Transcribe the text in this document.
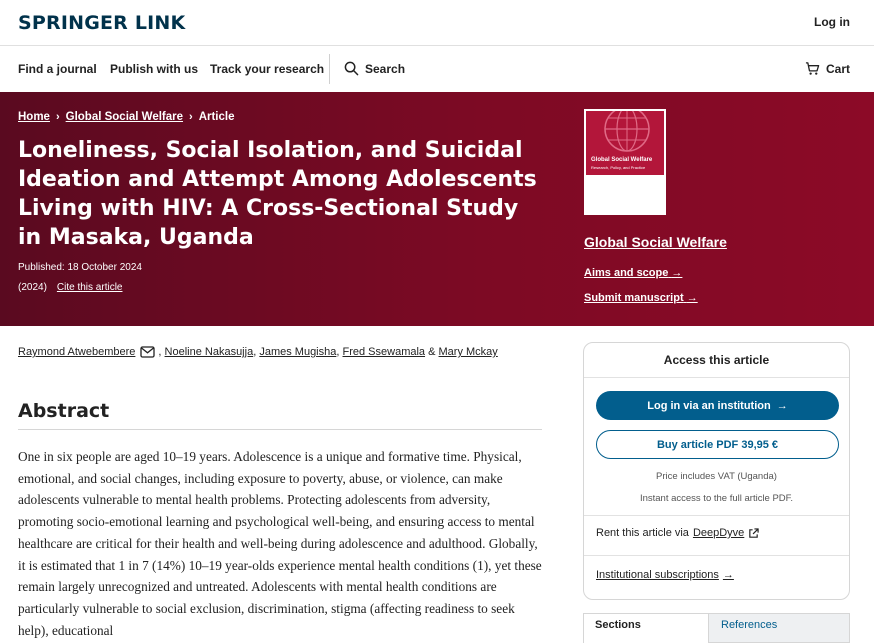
SPRINGER LINK	Log in
Find a journal Publish with us Track your research	Search	Cart
Home › Global Social Welfare › Article
Loneliness, Social Isolation, and Suicidal Ideation and Attempt Among Adolescents Living with HIV: A Cross-Sectional Study in Masaka, Uganda
Published: 18 October 2024
(2024) Cite this article
Global Social Welfare
Research, Policy, and Practice
Global Social Welfare
Aims and scope →
Submit manuscript →
Raymond Atwebembere , Noeline Nakasujja , James Mugisha , Fred Ssewamala & Mary Mckay
Abstract

One in six people are aged 10–19 years. Adolescence is a unique and formative time. Physical, emotional, and social changes, including exposure to poverty, abuse, or violence, can make adolescents vulnerable to mental health problems. Protecting adolescents from adversity, promoting socio-emotional learning and psychological well-being, and ensuring access to mental healthcare are critical for their health and well-being during adolescence and adulthood. Globally, it is estimated that 1 in 7 (14%) 10–19 year-olds experience mental health conditions (1), yet these remain largely unrecognized and untreated. Adolescents with mental health conditions are particularly vulnerable to social exclusion, discrimination, stigma (affecting readiness to seek help), educational

Access this article
Log in via an institution →
Buy article PDF 39,95 €
Price includes VAT (Uganda)
Instant access to the full article PDF.
Rent this article via DeepDyve
Institutional subscriptions →
Sections	References
